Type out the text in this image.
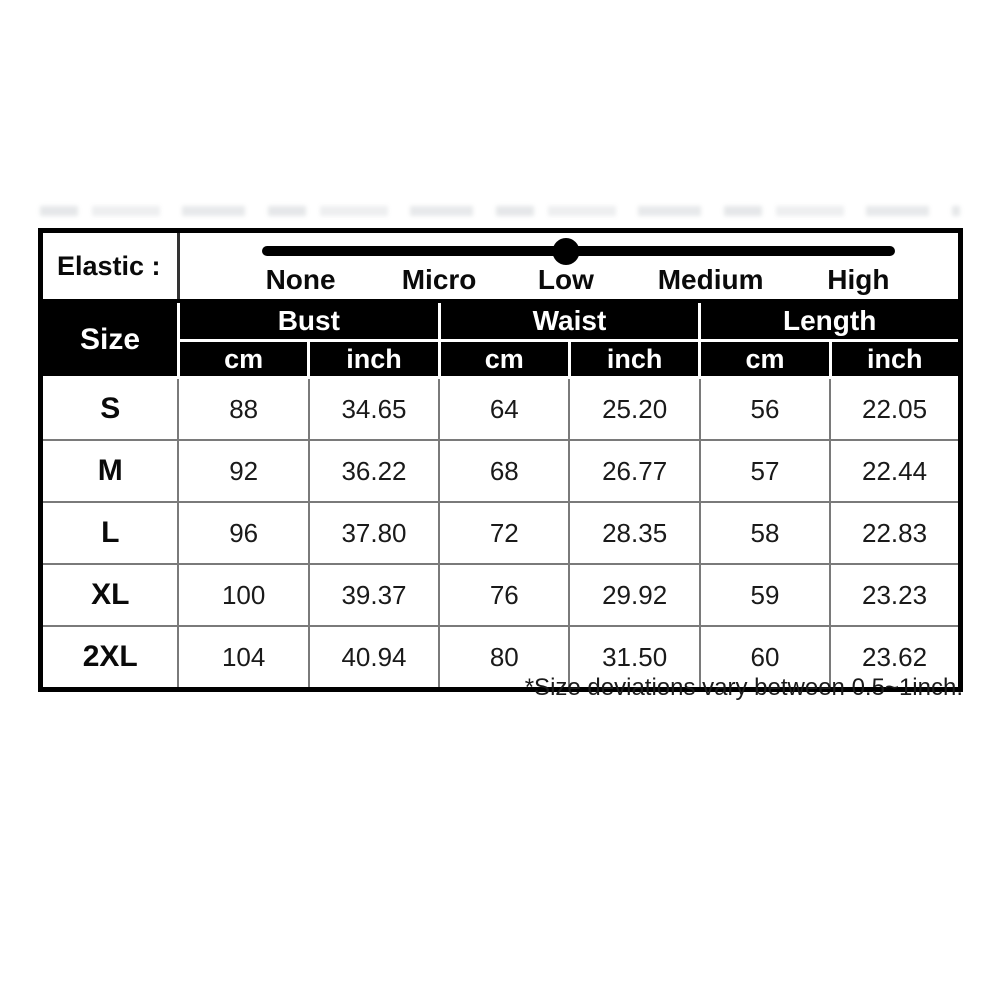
Elastic :	None Micro Low Medium High					

Size	Bust		Waist		Length	
	cm	inch	cm	inch	cm	inch
S	88	34.65	64	25.20	56	22.05
M	92	36.22	68	26.77	57	22.44
L	96	37.80	72	28.35	58	22.83
XL	100	39.37	76	29.92	59	23.23
2XL	104	40.94	80	31.50	60	23.62
*Size deviations vary between 0.5~1inch.
